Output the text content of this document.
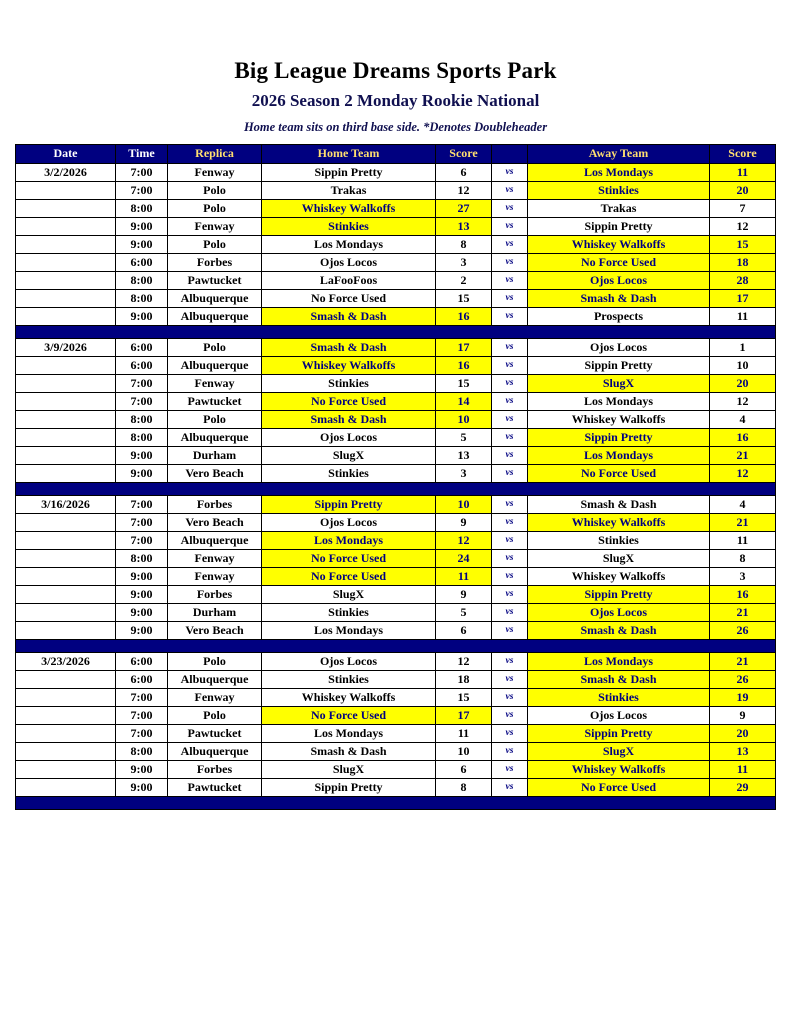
Big League Dreams Sports Park
2026 Season 2 Monday Rookie National

Home team sits on third base side. *Denotes Doubleheader

Date	Time	Replica	Home Team	Score		Away Team	Score
3/2/2026	7:00	Fenway	Sippin Pretty	6	vs	Los Mondays	11
	7:00	Polo	Trakas	12	vs	Stinkies	20
	8:00	Polo	Whiskey Walkoffs	27	vs	Trakas	7
	9:00	Fenway	Stinkies	13	vs	Sippin Pretty	12
	9:00	Polo	Los Mondays	8	vs	Whiskey Walkoffs	15
	6:00	Forbes	Ojos Locos	3	vs	No Force Used	18
	8:00	Pawtucket	LaFooFoos	2	vs	Ojos Locos	28
	8:00	Albuquerque	No Force Used	15	vs	Smash & Dash	17
	9:00	Albuquerque	Smash & Dash	16	vs	Prospects	11

3/9/2026	6:00	Polo	Smash & Dash	17	vs	Ojos Locos	1
	6:00	Albuquerque	Whiskey Walkoffs	16	vs	Sippin Pretty	10
	7:00	Fenway	Stinkies	15	vs	SlugX	20
	7:00	Pawtucket	No Force Used	14	vs	Los Mondays	12
	8:00	Polo	Smash & Dash	10	vs	Whiskey Walkoffs	4
	8:00	Albuquerque	Ojos Locos	5	vs	Sippin Pretty	16
	9:00	Durham	SlugX	13	vs	Los Mondays	21
	9:00	Vero Beach	Stinkies	3	vs	No Force Used	12

3/16/2026	7:00	Forbes	Sippin Pretty	10	vs	Smash & Dash	4
	7:00	Vero Beach	Ojos Locos	9	vs	Whiskey Walkoffs	21
	7:00	Albuquerque	Los Mondays	12	vs	Stinkies	11
	8:00	Fenway	No Force Used	24	vs	SlugX	8
	9:00	Fenway	No Force Used	11	vs	Whiskey Walkoffs	3
	9:00	Forbes	SlugX	9	vs	Sippin Pretty	16
	9:00	Durham	Stinkies	5	vs	Ojos Locos	21
	9:00	Vero Beach	Los Mondays	6	vs	Smash & Dash	26

3/23/2026	6:00	Polo	Ojos Locos	12	vs	Los Mondays	21
	6:00	Albuquerque	Stinkies	18	vs	Smash & Dash	26
	7:00	Fenway	Whiskey Walkoffs	15	vs	Stinkies	19
	7:00	Polo	No Force Used	17	vs	Ojos Locos	9
	7:00	Pawtucket	Los Mondays	11	vs	Sippin Pretty	20
	8:00	Albuquerque	Smash & Dash	10	vs	SlugX	13
	9:00	Forbes	SlugX	6	vs	Whiskey Walkoffs	11
	9:00	Pawtucket	Sippin Pretty	8	vs	No Force Used	29
